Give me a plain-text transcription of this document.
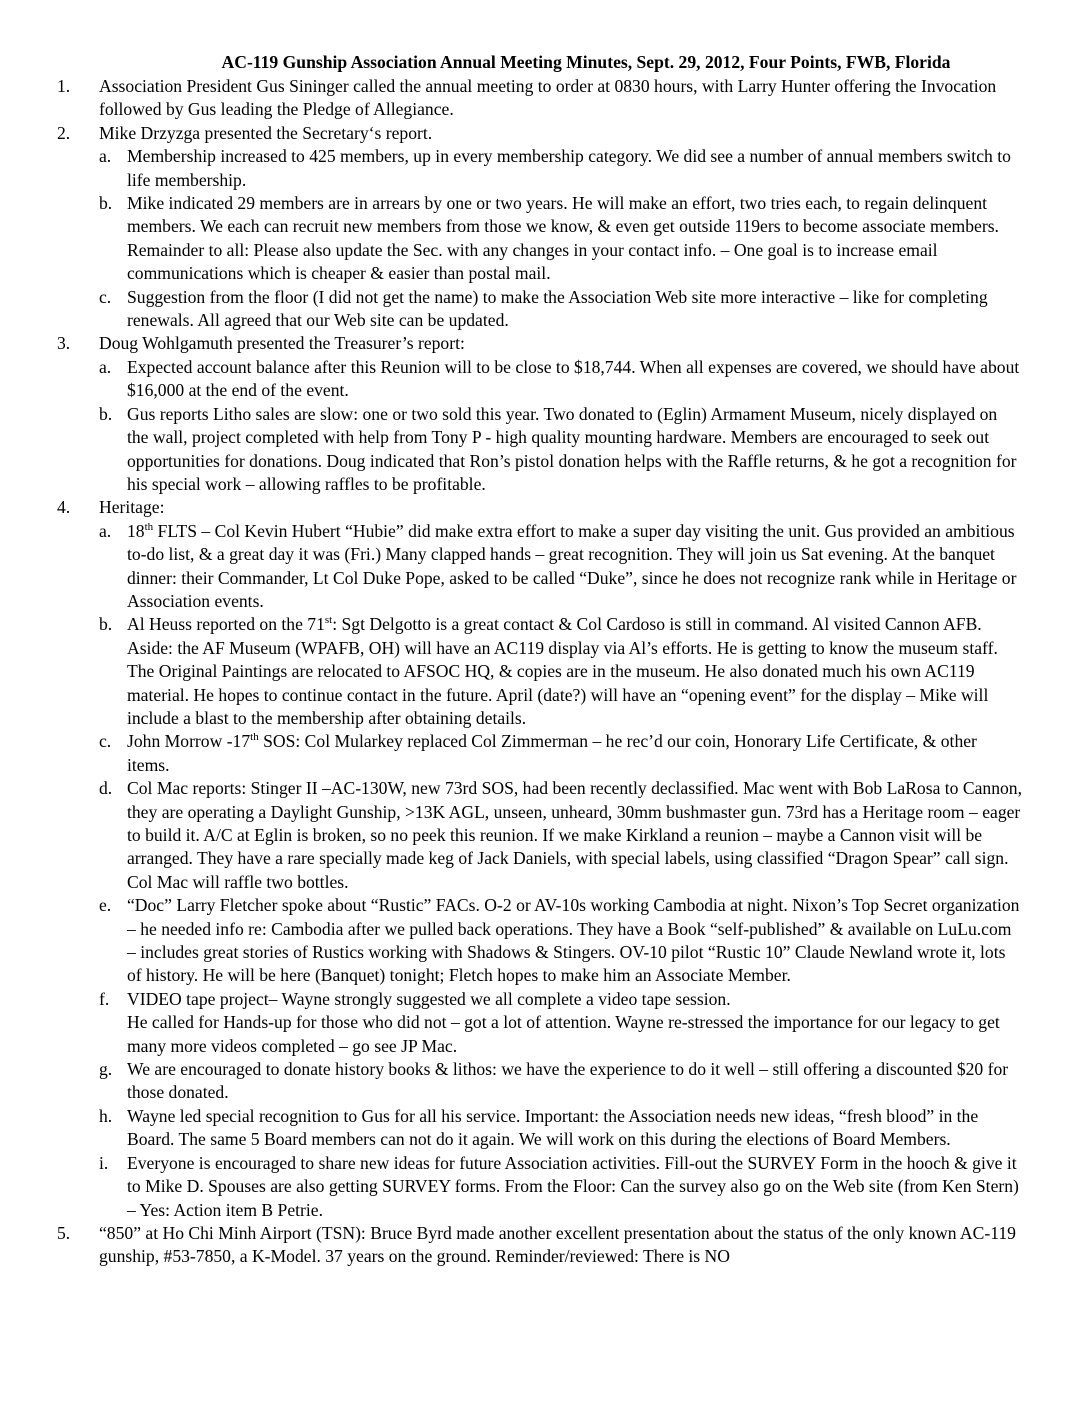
AC-119 Gunship Association Annual Meeting Minutes, Sept. 29, 2012, Four Points, FWB, Florida
1.	Association President Gus Sininger called the annual meeting to order at 0830 hours, with Larry Hunter offering the Invocation followed by Gus leading the Pledge of Allegiance.
2.	Mike Drzyzga presented the Secretary‘s report.
a. Membership increased to 425 members, up in every membership category. We did see a number of annual members switch to life membership.
b. Mike indicated 29 members are in arrears by one or two years. He will make an effort, two tries each, to regain delinquent members. We each can recruit new members from those we know, & even get outside 119ers to become associate members. Remainder to all: Please also update the Sec. with any changes in your contact info. – One goal is to increase email communications which is cheaper & easier than postal mail.
c. Suggestion from the floor (I did not get the name) to make the Association Web site more interactive – like for completing renewals. All agreed that our Web site can be updated.
3.	Doug Wohlgamuth presented the Treasurer’s report:
a. Expected account balance after this Reunion will to be close to $18,744. When all expenses are covered, we should have about $16,000 at the end of the event.
b. Gus reports Litho sales are slow: one or two sold this year. Two donated to (Eglin) Armament Museum, nicely displayed on the wall, project completed with help from Tony P - high quality mounting hardware. Members are encouraged to seek out opportunities for donations. Doug indicated that Ron’s pistol donation helps with the Raffle returns, & he got a recognition for his special work – allowing raffles to be profitable.
4.	Heritage:
a. 18th FLTS – Col Kevin Hubert “Hubie” did make extra effort to make a super day visiting the unit. Gus provided an ambitious to-do list, & a great day it was (Fri.) Many clapped hands – great recognition. They will join us Sat evening. At the banquet dinner: their Commander, Lt Col Duke Pope, asked to be called “Duke”, since he does not recognize rank while in Heritage or Association events.
b. Al Heuss reported on the 71st: Sgt Delgotto is a great contact & Col Cardoso is still in command. Al visited Cannon AFB. Aside: the AF Museum (WPAFB, OH) will have an AC119 display via Al’s efforts. He is getting to know the museum staff. The Original Paintings are relocated to AFSOC HQ, & copies are in the museum. He also donated much his own AC119 material. He hopes to continue contact in the future. April (date?) will have an “opening event” for the display – Mike will include a blast to the membership after obtaining details.
c. John Morrow -17th SOS: Col Mularkey replaced Col Zimmerman – he rec’d our coin, Honorary Life Certificate, & other items.
d. Col Mac reports: Stinger II –AC-130W, new 73rd SOS, had been recently declassified. Mac went with Bob LaRosa to Cannon, they are operating a Daylight Gunship, >13K AGL, unseen, unheard, 30mm bushmaster gun. 73rd has a Heritage room – eager to build it. A/C at Eglin is broken, so no peek this reunion. If we make Kirkland a reunion – maybe a Cannon visit will be arranged. They have a rare specially made keg of Jack Daniels, with special labels, using classified “Dragon Spear” call sign. Col Mac will raffle two bottles.
e. “Doc” Larry Fletcher spoke about “Rustic” FACs. O-2 or AV-10s working Cambodia at night. Nixon’s Top Secret organization – he needed info re: Cambodia after we pulled back operations. They have a Book “self-published” & available on LuLu.com – includes great stories of Rustics working with Shadows & Stingers. OV-10 pilot “Rustic 10” Claude Newland wrote it, lots of history. He will be here (Banquet) tonight; Fletch hopes to make him an Associate Member.
f.	VIDEO tape project– Wayne strongly suggested we all complete a video tape session.
He called for Hands-up for those who did not – got a lot of attention. Wayne re-stressed the importance for our legacy to get many more videos completed – go see JP Mac.
g. We are encouraged to donate history books & lithos: we have the experience to do it well – still offering a discounted $20 for those donated.
h. Wayne led special recognition to Gus for all his service. Important: the Association needs new ideas, “fresh blood” in the Board. The same 5 Board members can not do it again. We will work on this during the elections of Board Members.
i.	Everyone is encouraged to share new ideas for future Association activities. Fill-out the SURVEY Form in the hooch & give it to Mike D. Spouses are also getting SURVEY forms. From the Floor: Can the survey also go on the Web site (from Ken Stern) – Yes: Action item B Petrie.
5.	“850” at Ho Chi Minh Airport (TSN): Bruce Byrd made another excellent presentation about the status of the only known AC-119 gunship, #53-7850, a K-Model. 37 years on the ground. Reminder/reviewed: There is NO
